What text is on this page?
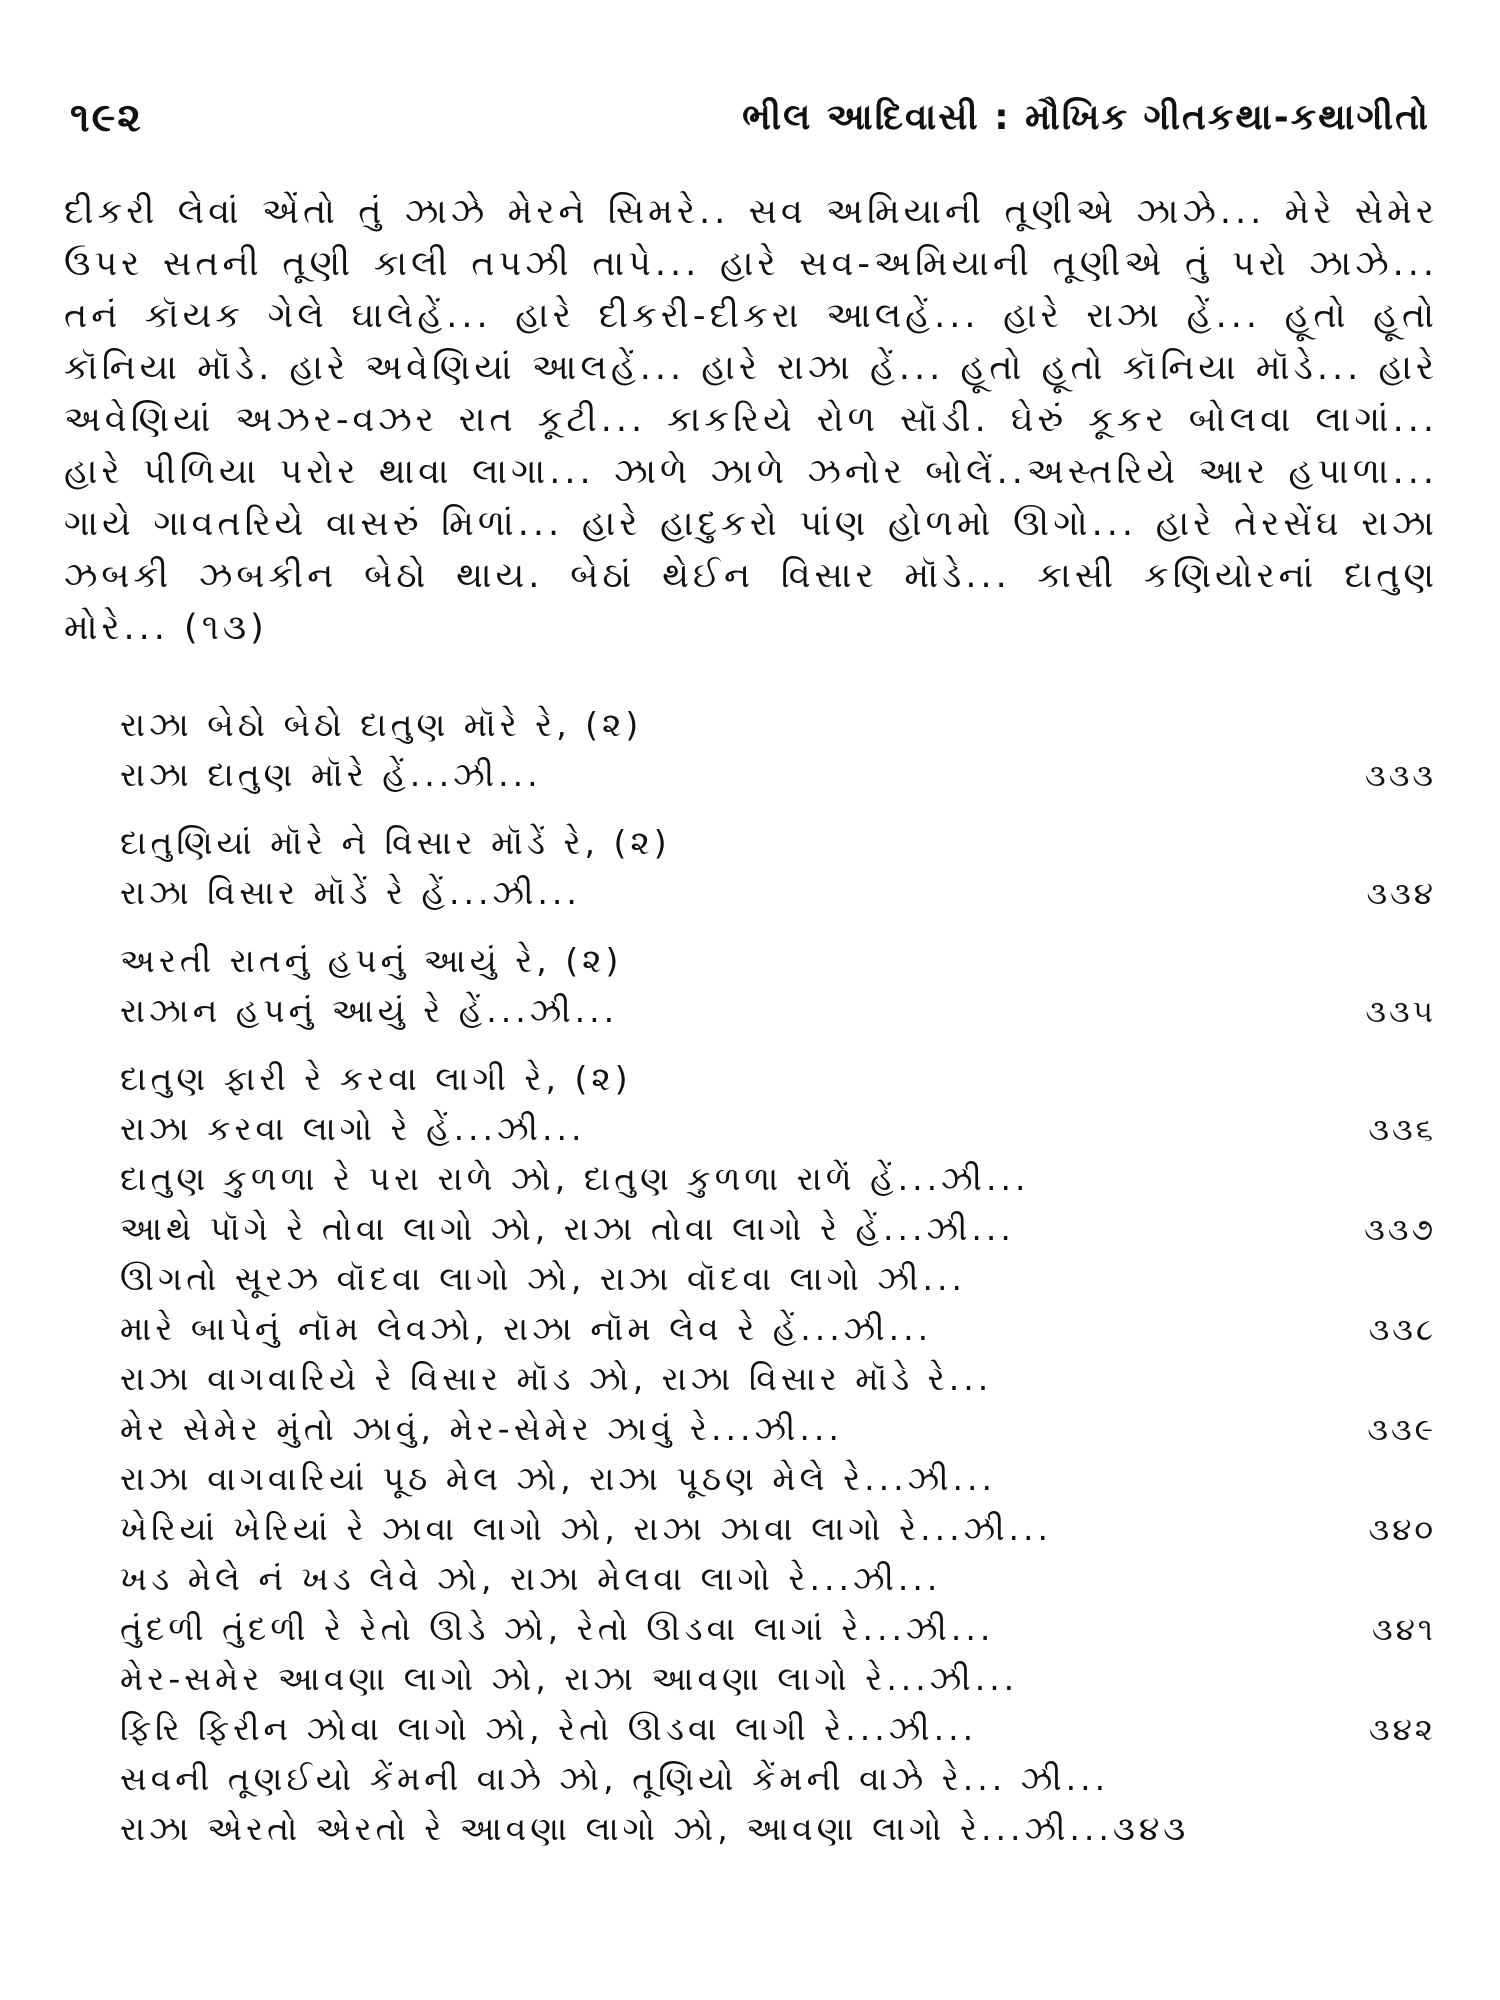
૧૯૨	ભીલ આદિવાસી : મૌખિક ગીતકથા-કથાગીતો

દીકરી લેવાં એંતો તું ઝાઝે મેરને સિમરે.. સવ અમિયાની તૂણીએ ઝાઝે... મેરે સેમેર ઉપર સતની તૂણી કાલી તપઝી તાપે... હારે સવ-અમિયાની તૂણીએ તું પરો ઝાઝે... તનં કૉયક ગેલે ઘાલેહેં... હારે દીકરી-દીકરા આલહેં... હારે રાઝા હેં... હૂતો હૂતો કૉનિયા મૉડે. હારે અવેણિયાં આલહેં... હારે રાઝા હેં... હૂતો હૂતો કૉનિયા મૉડે... હારે અવેણિયાં અઝર-વઝર રાત કૂટી... કાકરિયે રોળ સૉડી. ઘેરું કૂકર બોલવા લાગાં... હારે પીળિયા પરોર થાવા લાગા... ઝાળે ઝાળે ઝનોર બોલેં..અસ્તરિયે આર હપાળા... ગાયે ગાવતરિયે વાસરું મિળાં... હારે હાદુકરો પાંણ હોળમો ઊગો... હારે તેરસેંઘ રાઝા ઝબકી ઝબકીન બેઠો થાય. બેઠાં થેઈન વિસાર મૉડે... કાસી કણિયોરનાં દાતુણ મોરે... (૧૩)

રાઝા બેઠો બેઠો દાતુણ મૉરે રે, (૨)
રાઝા દાતુણ મૉરે હેં...ઝી...	૩૩૩
દાતુણિયાં મૉરે ને વિસાર મૉડેં રે, (૨)
રાઝા વિસાર મૉડેં રે હેં...ઝી...	૩૩૪
અરતી રાતનું હપનું આયું રે, (૨)
રાઝાન હપનું આયું રે હેં...ઝી...	૩૩૫
દાતુણ ફારી રે કરવા લાગી રે, (૨)
રાઝા કરવા લાગો રે હેં...ઝી...	૩૩૬
દાતુણ કુળળા રે પરા રાળે ઝો, દાતુણ કુળળા રાળેં હેં...ઝી...
આથે પૉગે રે તોવા લાગો ઝો, રાઝા તોવા લાગો રે હેં...ઝી...	૩૩૭
ઊગતો સૂરઝ વૉદવા લાગો ઝો, રાઝા વૉદવા લાગો ઝી...
મારે બાપેનું નૉમ લેવઝો, રાઝા નૉમ લેવ રે હેં...ઝી...	૩૩૮
રાઝા વાગવારિયે રે વિસાર મૉડ ઝો, રાઝા વિસાર મૉડે રે...
મેર સેમેર મુંતો ઝાવું, મેર-સેમેર ઝાવું રે...ઝી...	૩૩૯
રાઝા વાગવારિયાં પૂઠ મેલ ઝો, રાઝા પૂઠણ મેલે રે...ઝી...
ખેરિયાં ખેરિયાં રે ઝાવા લાગો ઝો, રાઝા ઝાવા લાગો રે...ઝી...	૩૪૦
ખડ મેલે નં ખડ લેવે ઝો, રાઝા મેલવા લાગો રે...ઝી...
તુંદળી તુંદળી રે રેતો ઊડે ઝો, રેતો ઊડવા લાગાં રે...ઝી...	૩૪૧
મેર-સમેર આવણા લાગો ઝો, રાઝા આવણા લાગો રે...ઝી...
ફિરિ ફિરીન ઝોવા લાગો ઝો, રેતો ઊડવા લાગી રે...ઝી...	૩૪૨
સવની તૂણઈયો કેંમની વાઝે ઝો, તૂણિયો કેંમની વાઝે રે... ઝી...
રાઝા એરતો એરતો રે આવણા લાગો ઝો, આવણા લાગો રે...ઝી...૩૪૩
